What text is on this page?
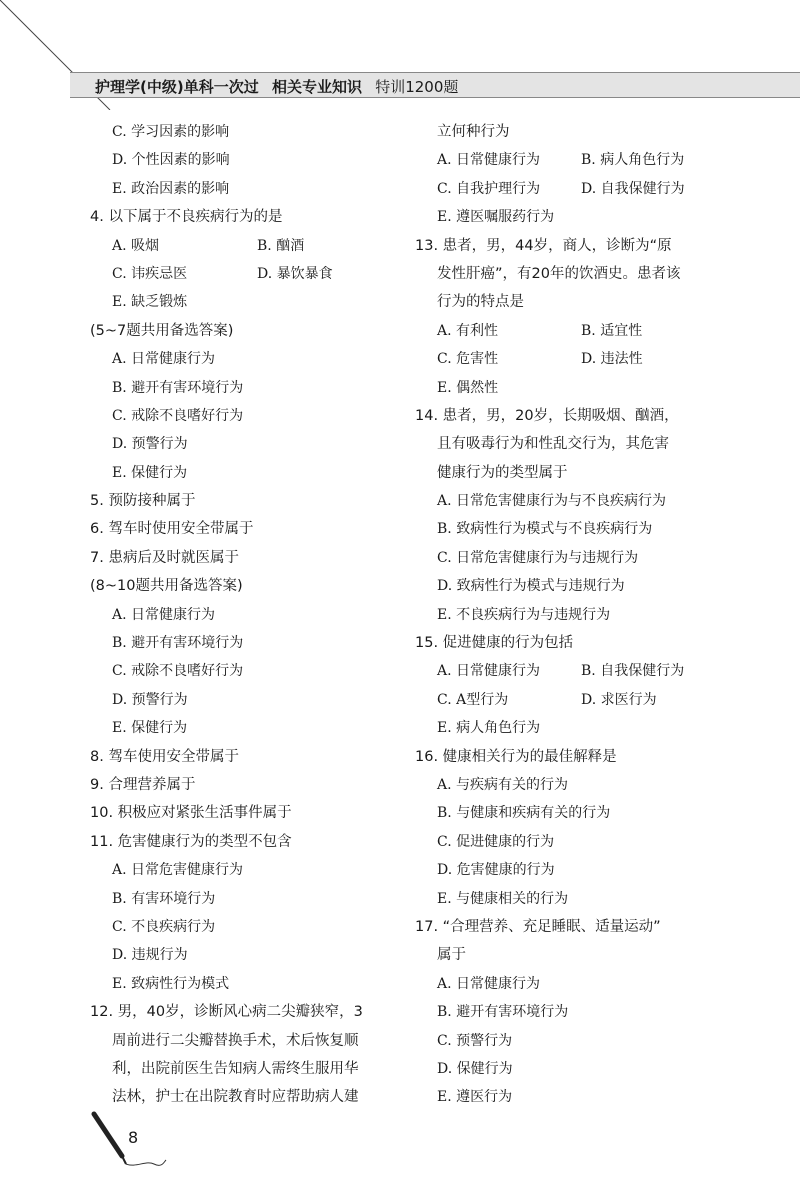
护理学(中级)单科一次过 相关专业知识 特训1200题
C. 学习因素的影响
D. 个性因素的影响
E. 政治因素的影响
4. 以下属于不良疾病行为的是
A. 吸烟	B. 酗酒
C. 讳疾忌医	D. 暴饮暴食
E. 缺乏锻炼
(5~7题共用备选答案)
A. 日常健康行为
B. 避开有害环境行为
C. 戒除不良嗜好行为
D. 预警行为
E. 保健行为
5. 预防接种属于
6. 驾车时使用安全带属于
7. 患病后及时就医属于
(8~10题共用备选答案)
A. 日常健康行为
B. 避开有害环境行为
C. 戒除不良嗜好行为
D. 预警行为
E. 保健行为
8. 驾车使用安全带属于
9. 合理营养属于
10. 积极应对紧张生活事件属于
11. 危害健康行为的类型不包含
A. 日常危害健康行为
B. 有害环境行为
C. 不良疾病行为
D. 违规行为
E. 致病性行为模式
12. 男，40岁，诊断风心病二尖瓣狭窄，3
周前进行二尖瓣替换手术，术后恢复顺
利，出院前医生告知病人需终生服用华
法林，护士在出院教育时应帮助病人建
立何种行为
A. 日常健康行为	B. 病人角色行为
C. 自我护理行为	D. 自我保健行为
E. 遵医嘱服药行为
13. 患者，男，44岁，商人，诊断为“原
发性肝癌”，有20年的饮酒史。患者该
行为的特点是
A. 有利性	B. 适宜性
C. 危害性	D. 违法性
E. 偶然性
14. 患者，男，20岁，长期吸烟、酗酒，
且有吸毒行为和性乱交行为，其危害
健康行为的类型属于
A. 日常危害健康行为与不良疾病行为
B. 致病性行为模式与不良疾病行为
C. 日常危害健康行为与违规行为
D. 致病性行为模式与违规行为
E. 不良疾病行为与违规行为
15. 促进健康的行为包括
A. 日常健康行为	B. 自我保健行为
C. A型行为	D. 求医行为
E. 病人角色行为
16. 健康相关行为的最佳解释是
A. 与疾病有关的行为
B. 与健康和疾病有关的行为
C. 促进健康的行为
D. 危害健康的行为
E. 与健康相关的行为
17. “合理营养、充足睡眠、适量运动”
属于
A. 日常健康行为
B. 避开有害环境行为
C. 预警行为
D. 保健行为
E. 遵医行为
8
